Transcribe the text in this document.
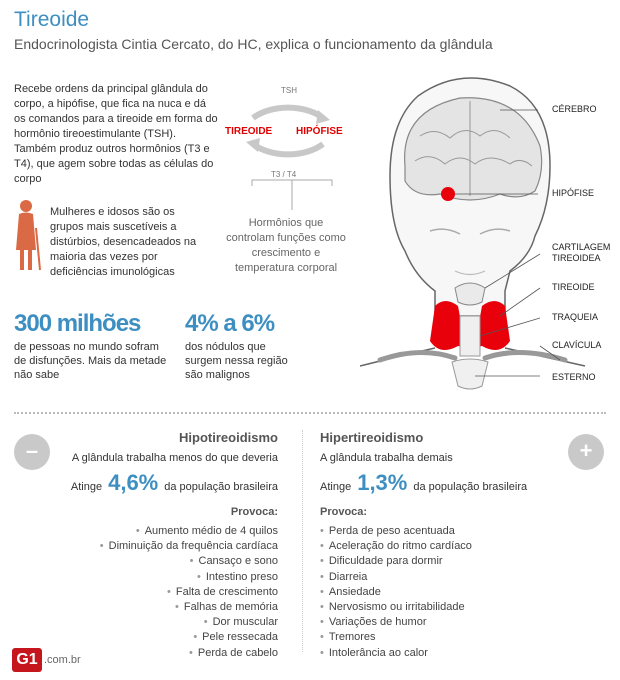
Tireoide
Endocrinologista Cintia Cercato, do HC, explica o funcionamento da glândula
Recebe ordens da principal glândula do corpo, a hipófise, que fica na nuca e dá os comandos para a tireoide em forma do hormônio tireoestimulante (TSH). Também produz outros hormônios (T3 e T4), que agem sobre todas as células do corpo
TSH
TIREOIDE HIPÓFISE
T3 / T4
Hormônios que controlam funções como crescimento e temperatura corporal
Mulheres e idosos são os grupos mais suscetíveis a distúrbios, desencadeados na maioria das vezes por deficiências imunológicas
300 milhões
de pessoas no mundo sofram de disfunções. Mais da metade não sabe
4% a 6%
dos nódulos que surgem nessa região são malignos
CÉREBRO
HIPÓFISE
CARTILAGEM TIREOIDEA
TIREOIDE
TRAQUEIA
CLAVÍCULA
ESTERNO
–
Hipotireoidismo
A glândula trabalha menos do que deveria
Atinge 4,6% da população brasileira
Provoca:
• Aumento médio de 4 quilos
• Diminuição da frequência cardíaca
• Cansaço e sono
• Intestino preso
• Falta de crescimento
• Falhas de memória
• Dor muscular
• Pele ressecada
• Perda de cabelo
Hipertireoidismo
A glândula trabalha demais
Atinge 1,3% da população brasileira
Provoca:
• Perda de peso acentuada
• Aceleração do ritmo cardíaco
• Dificuldade para dormir
• Diarreia
• Ansiedade
• Nervosismo ou irritabilidade
• Variações de humor
• Tremores
• Intolerância ao calor
+
G1 .com.br
